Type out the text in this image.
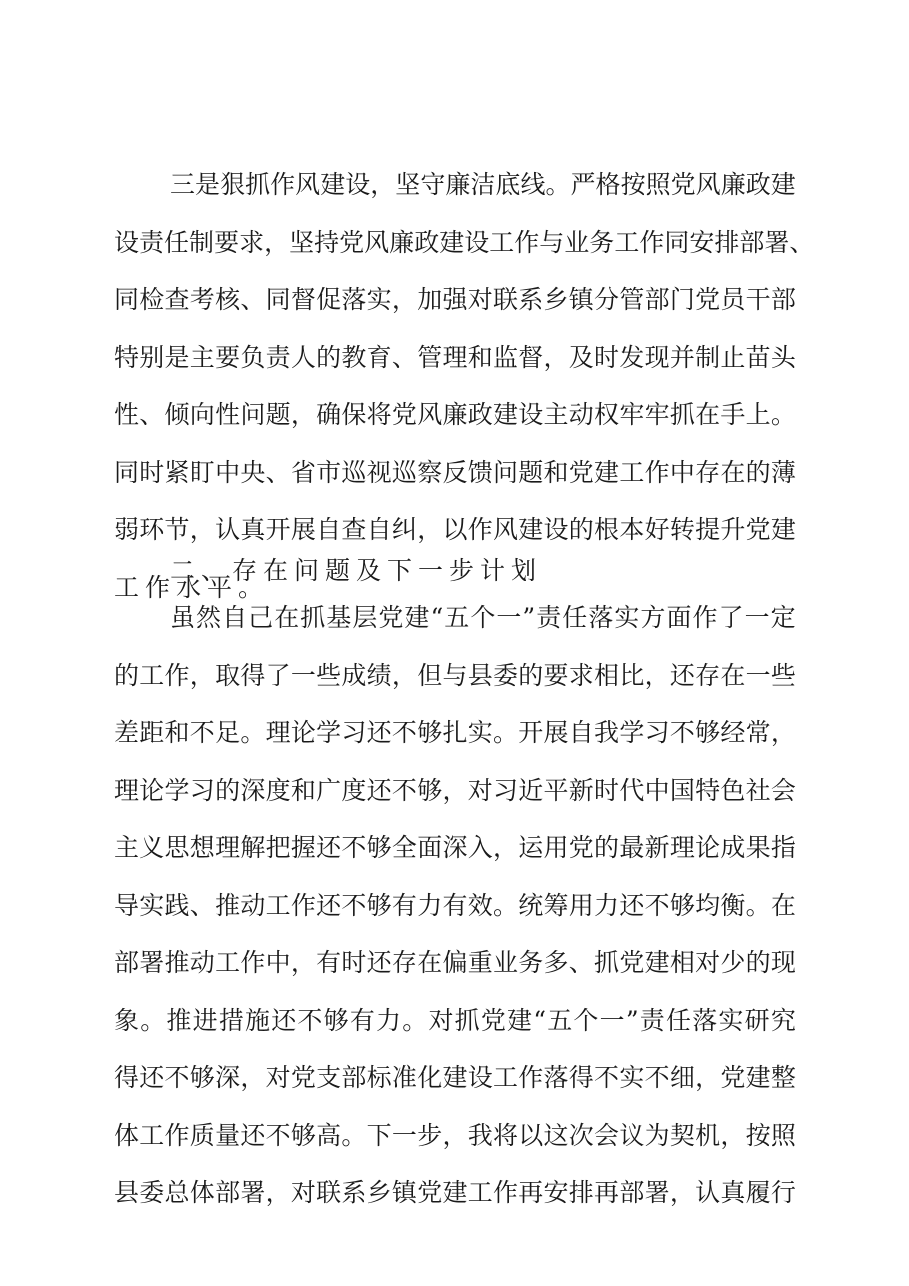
三 是 狠 抓 作 风 建 设 ， 坚 守 廉 洁 底 线 。 严 格 按 照 党 风 廉 政 建
设 责 任 制 要 求 ， 坚 持 党 风 廉 政 建 设 工 作 与 业 务 工 作 同 安 排 部 署 、
同 检 查 考 核 、 同 督 促 落 实 ， 加 强 对 联 系 乡 镇 分 管 部 门 党 员 干 部
特 别 是 主 要 负 责 人 的 教 育 、 管 理 和 监 督 ， 及 时 发 现 并 制 止 苗 头
性 、 倾 向 性 问 题 ， 确 保 将 党 风 廉 政 建 设 主 动 权 牢 牢 抓 在 手 上 。
同 时 紧 盯 中 央 、 省 市 巡 视 巡 察 反 馈 问 题 和 党 建 工 作 中 存 在 的 薄
弱 环 节 ， 认 真 开 展 自 查 自 纠 ， 以 作 风 建 设 的 根 本 好 转 提 升 党 建
工作水平。
二、存在问题及下一步计划
虽 然 自 己 在 抓 基 层 党 建 “ 五 个 一 ” 责 任 落 实 方 面 作 了 一 定
的 工 作 ， 取 得 了 一 些 成 绩 ， 但 与 县 委 的 要 求 相 比 ， 还 存 在 一 些
差 距 和 不 足 。 理 论 学 习 还 不 够 扎 实 。 开 展 自 我 学 习 不 够 经 常 ，
理 论 学 习 的 深 度 和 广 度 还 不 够 ， 对 习 近 平 新 时 代 中 国 特 色 社 会
主 义 思 想 理 解 把 握 还 不 够 全 面 深 入 ， 运 用 党 的 最 新 理 论 成 果 指
导 实 践 、 推 动 工 作 还 不 够 有 力 有 效 。 统 筹 用 力 还 不 够 均 衡 。 在
部 署 推 动 工 作 中 ， 有 时 还 存 在 偏 重 业 务 多 、 抓 党 建 相 对 少 的 现
象 。 推 进 措 施 还 不 够 有 力 。 对 抓 党 建 “ 五 个 一 ” 责 任 落 实 研 究
得 还 不 够 深 ， 对 党 支 部 标 准 化 建 设 工 作 落 得 不 实 不 细 ， 党 建 整
体 工 作 质 量 还 不 够 高 。 下 一 步 ， 我 将 以 这 次 会 议 为 契 机 ， 按 照
县 委 总 体 部 署 ， 对 联 系 乡 镇 党 建 工 作 再 安 排 再 部 署 ， 认 真 履 行
